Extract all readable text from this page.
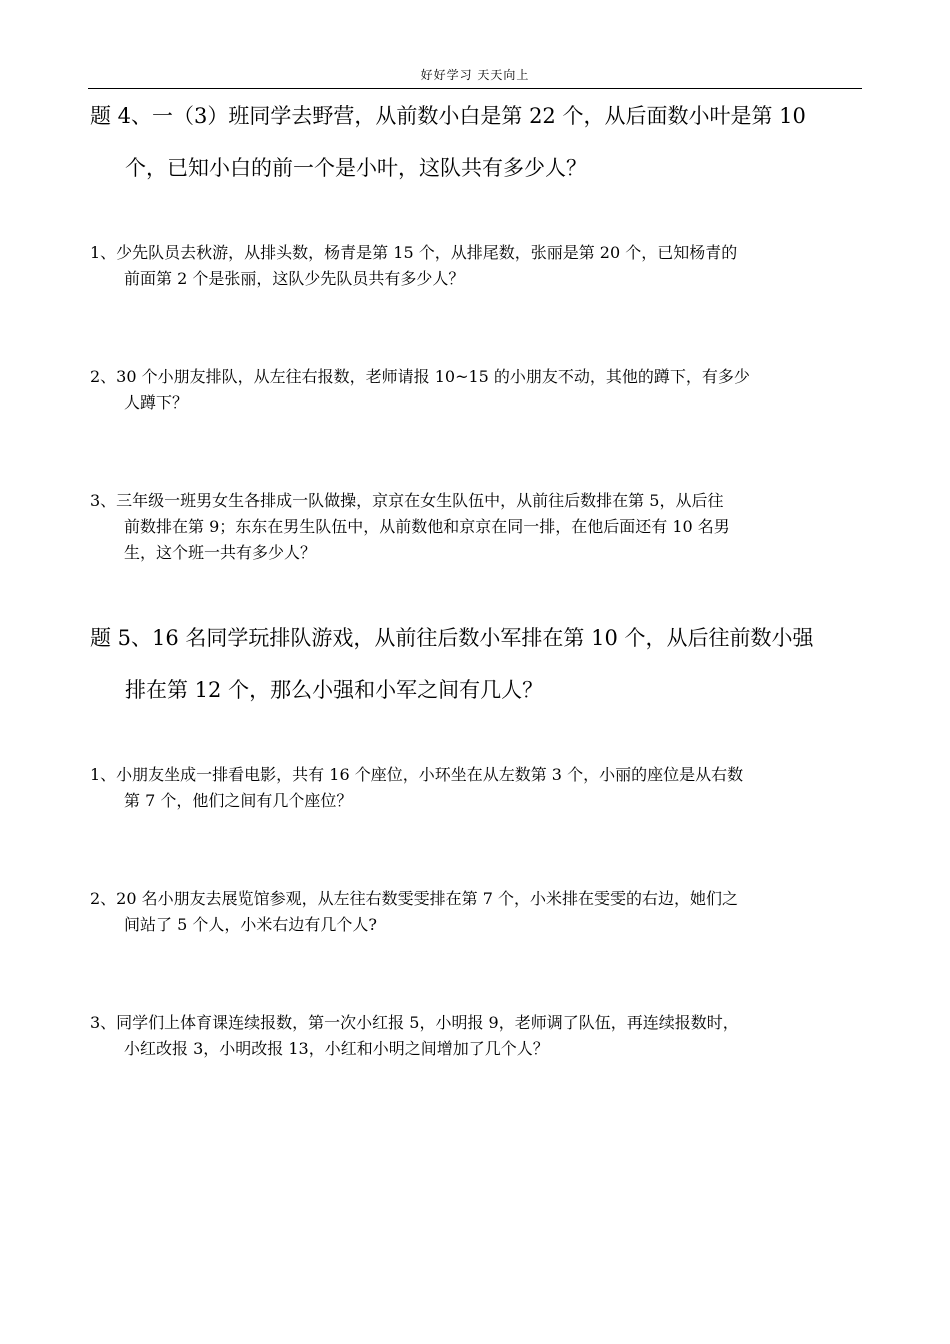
好好学习 天天向上
题 4、一（3）班同学去野营，从前数小白是第 22 个，从后面数小叶是第 10
个，已知小白的前一个是小叶，这队共有多少人？
1、少先队员去秋游，从排头数，杨青是第 15 个，从排尾数，张丽是第 20 个，已知杨青的
前面第 2 个是张丽，这队少先队员共有多少人？
2、30 个小朋友排队，从左往右报数，老师请报 10~15 的小朋友不动，其他的蹲下，有多少
人蹲下？
3、三年级一班男女生各排成一队做操，京京在女生队伍中，从前往后数排在第 5，从后往
前数排在第 9；东东在男生队伍中，从前数他和京京在同一排，在他后面还有 10 名男
生，这个班一共有多少人？
题 5、16 名同学玩排队游戏，从前往后数小军排在第 10 个，从后往前数小强
排在第 12 个，那么小强和小军之间有几人？
1、小朋友坐成一排看电影，共有 16 个座位，小环坐在从左数第 3 个，小丽的座位是从右数
第 7 个，他们之间有几个座位？
2、20 名小朋友去展览馆参观，从左往右数雯雯排在第 7 个，小米排在雯雯的右边，她们之
间站了 5 个人，小米右边有几个人?
3、同学们上体育课连续报数，第一次小红报 5，小明报 9，老师调了队伍，再连续报数时，
小红改报 3，小明改报 13，小红和小明之间增加了几个人？
